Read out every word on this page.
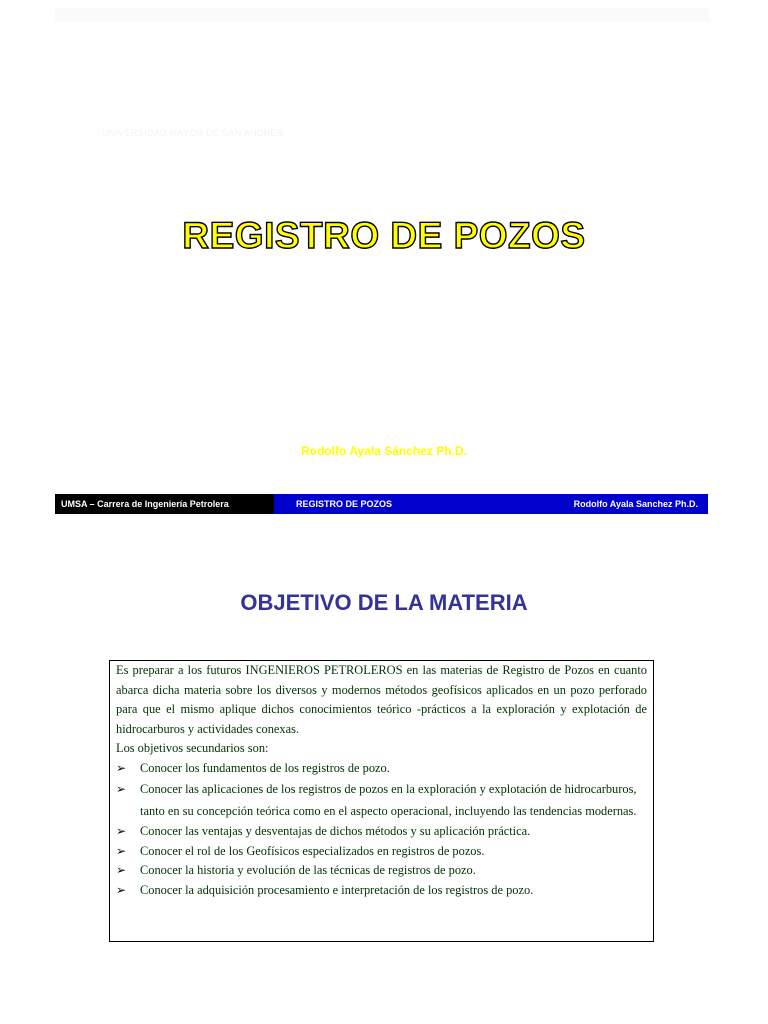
UNIVERSIDAD MAYOR DE SAN ANDRÉS
REGISTRO DE POZOS
Rodolfo Ayala Sánchez Ph.D.
UMSA – Carrera de Ingeniería Petrolera	REGISTRO DE POZOS	Rodolfo Ayala Sanchez Ph.D.
OBJETIVO DE LA MATERIA

Es preparar a los futuros INGENIEROS PETROLEROS en las materias de Registro de Pozos en cuanto abarca dicha materia sobre los diversos y modernos métodos geofísicos aplicados en un pozo perforado para que el mismo aplique dichos conocimientos teórico -prácticos a la exploración y explotación de hidrocarburos y actividades conexas.

Los objetivos secundarios son:

➢ Conocer los fundamentos de los registros de pozo.
➢ Conocer las aplicaciones de los registros de pozos en la exploración y explotación de hidrocarburos, tanto en su concepción teórica como en el aspecto operacional, incluyendo las tendencias modernas.
➢ Conocer las ventajas y desventajas de dichos métodos y su aplicación práctica.
➢ Conocer el rol de los Geofísicos especializados en registros de pozos.
➢ Conocer la historia y evolución de las técnicas de registros de pozo.
➢ Conocer la adquisición procesamiento e interpretación de los registros de pozo.
